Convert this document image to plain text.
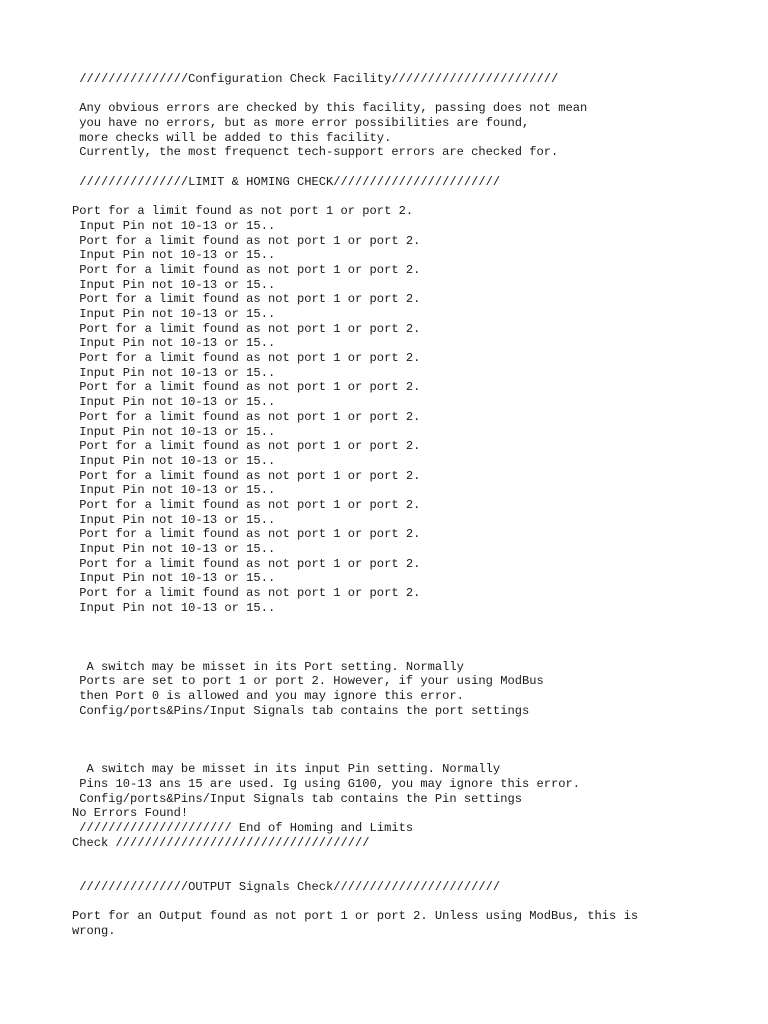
///////////////Configuration Check Facility///////////////////////
Any obvious errors are checked by this facility, passing does not mean
you have no errors, but as more error possibilities are found,
more checks will be added to this facility.
Currently, the most frequenct tech-support errors are checked for.
///////////////LIMIT & HOMING CHECK///////////////////////
Port for a limit found as not port 1 or port 2.
Input Pin not 10-13 or 15..
Port for a limit found as not port 1 or port 2.
Input Pin not 10-13 or 15..
Port for a limit found as not port 1 or port 2.
Input Pin not 10-13 or 15..
Port for a limit found as not port 1 or port 2.
Input Pin not 10-13 or 15..
Port for a limit found as not port 1 or port 2.
Input Pin not 10-13 or 15..
Port for a limit found as not port 1 or port 2.
Input Pin not 10-13 or 15..
Port for a limit found as not port 1 or port 2.
Input Pin not 10-13 or 15..
Port for a limit found as not port 1 or port 2.
Input Pin not 10-13 or 15..
Port for a limit found as not port 1 or port 2.
Input Pin not 10-13 or 15..
Port for a limit found as not port 1 or port 2.
Input Pin not 10-13 or 15..
Port for a limit found as not port 1 or port 2.
Input Pin not 10-13 or 15..
Port for a limit found as not port 1 or port 2.
Input Pin not 10-13 or 15..
Port for a limit found as not port 1 or port 2.
Input Pin not 10-13 or 15..
Port for a limit found as not port 1 or port 2.
Input Pin not 10-13 or 15..
A switch may be misset in its Port setting. Normally
Ports are set to port 1 or port 2. However, if your using ModBus
then Port 0 is allowed and you may ignore this error.
Config/ports&Pins/Input Signals tab contains the port settings
A switch may be misset in its input Pin setting. Normally
Pins 10-13 ans 15 are used. Ig using G100, you may ignore this error.
Config/ports&Pins/Input Signals tab contains the Pin settings
No Errors Found!
///////////////////// End of Homing and Limits
Check ///////////////////////////////////
///////////////OUTPUT Signals Check///////////////////////
Port for an Output found as not port 1 or port 2. Unless using ModBus, this is
wrong.
